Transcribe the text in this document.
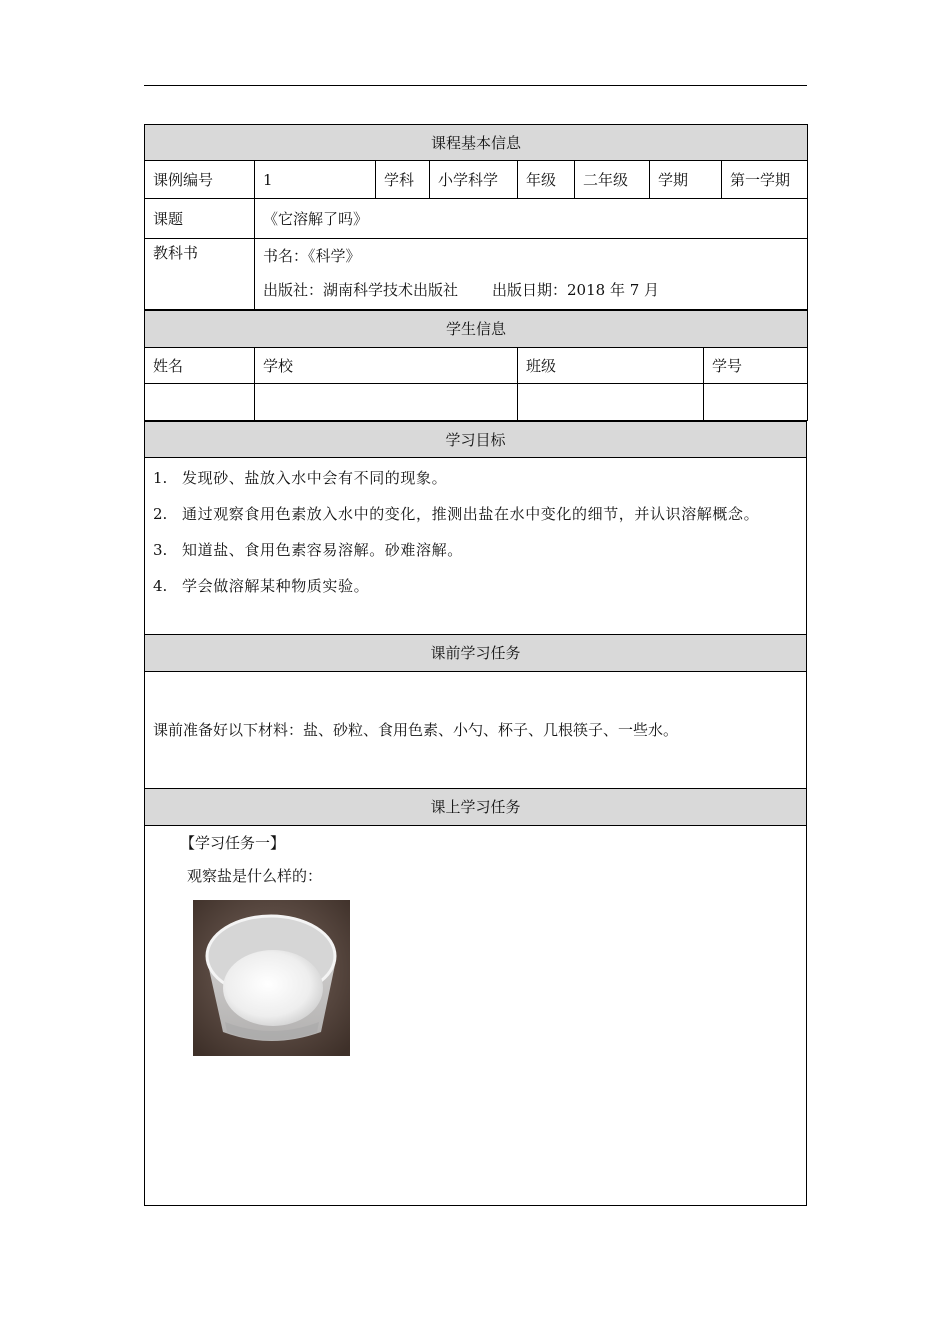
课程基本信息							
课例编号	1	学科	小学科学	年级	二年级	学期	第一学期
课题	《它溶解了吗》						
教科书	书名：《科学》
出版社：湖南科学技术出版社 出版日期：2018 年 7 月						
学生信息			
姓名	学校	班级	学号

学习目标

1. 发现砂、盐放入水中会有不同的现象。
2. 通过观察食用色素放入水中的变化，推测出盐在水中变化的细节，并认识溶解概念。
3. 知道盐、食用色素容易溶解。砂难溶解。
4. 学会做溶解某种物质实验。

课前学习任务
课前准备好以下材料：盐、砂粒、食用色素、小勺、杯子、几根筷子、一些水。
课上学习任务

【学习任务一】
观察盐是什么样的：
